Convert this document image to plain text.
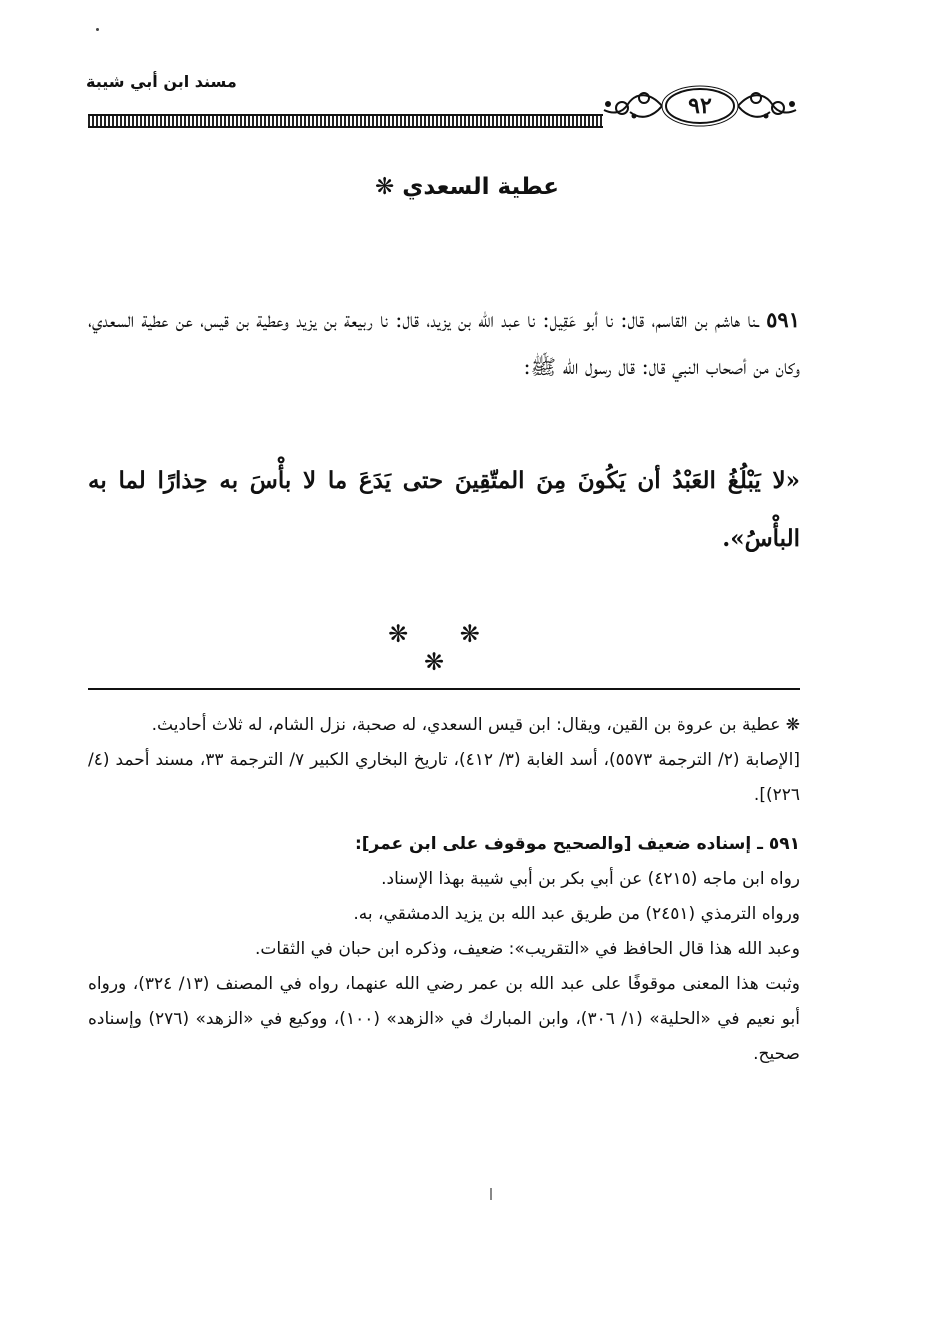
مسند ابن أبي شيبة
٩٢
عطية السعدي ❋
٥٩١ ـنا هاشم بن القاسم، قال: نا أبو عَقِيل: نا عبد الله بن يزيد، قال: نا ربيعة بن يزيد وعطية بن قيس، عن عطية السعدي، وكان من أصحاب النبي قال: قال رسول الله ﷺ:
«لا يَبْلُغُ العَبْدُ أن يَكُونَ مِنَ المتّقِينَ حتى يَدَعَ ما لا بأْسَ به حِذارًا لما به البأْسُ».
❋ ❋ ❋

❋ عطية بن عروة بن القين، ويقال: ابن قيس السعدي، له صحبة، نزل الشام، له ثلاث أحاديث.
[الإصابة (٢/ الترجمة ٥٥٧٣)، أسد الغابة (٣/ ٤١٢)، تاريخ البخاري الكبير ٧/ الترجمة ٣٣، مسند أحمد (٤/ ٢٢٦)].

٥٩١ ـ إسناده ضعيف [والصحيح موقوف على ابن عمر]:
رواه ابن ماجه (٤٢١٥) عن أبي بكر بن أبي شيبة بهذا الإسناد.
ورواه الترمذي (٢٤٥١) من طريق عبد الله بن يزيد الدمشقي، به.
وعبد الله هذا قال الحافظ في «التقريب»: ضعيف، وذكره ابن حبان في الثقات.
وثبت هذا المعنى موقوفًا على عبد الله بن عمر رضي الله عنهما، رواه في المصنف (١٣/ ٣٢٤)، ورواه أبو نعيم في «الحلية» (١/ ٣٠٦)، وابن المبارك في «الزهد» (١٠٠)، ووكيع في «الزهد» (٢٧٦) وإسناده صحيح.
